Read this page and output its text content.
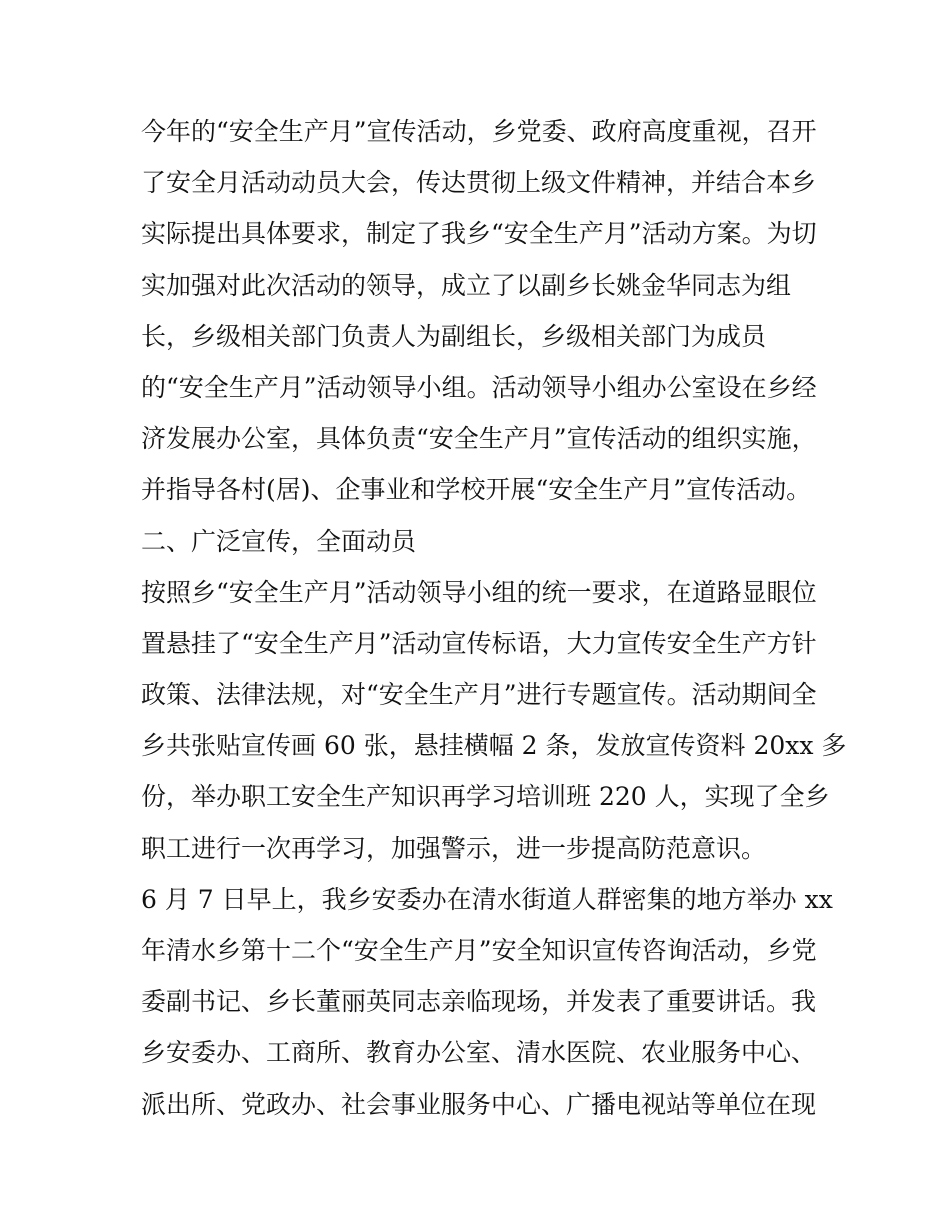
今年的“安全生产月”宣传活动，乡党委、政府高度重视，召开
了安全月活动动员大会，传达贯彻上级文件精神，并结合本乡
实际提出具体要求，制定了我乡“安全生产月”活动方案。为切
实加强对此次活动的领导，成立了以副乡长姚金华同志为组
长，乡级相关部门负责人为副组长，乡级相关部门为成员
的“安全生产月”活动领导小组。活动领导小组办公室设在乡经
济发展办公室，具体负责“安全生产月”宣传活动的组织实施，
并指导各村(居)、企事业和学校开展“安全生产月”宣传活动。
二、广泛宣传，全面动员
按照乡“安全生产月”活动领导小组的统一要求，在道路显眼位
置悬挂了“安全生产月”活动宣传标语，大力宣传安全生产方针
政策、法律法规，对“安全生产月”进行专题宣传。活动期间全
乡共张贴宣传画 60 张，悬挂横幅 2 条，发放宣传资料 20xx 多
份，举办职工安全生产知识再学习培训班 220 人，实现了全乡
职工进行一次再学习，加强警示，进一步提高防范意识。
6 月 7 日早上，我乡安委办在清水街道人群密集的地方举办 xx
年清水乡第十二个“安全生产月”安全知识宣传咨询活动，乡党
委副书记、乡长董丽英同志亲临现场，并发表了重要讲话。我
乡安委办、工商所、教育办公室、清水医院、农业服务中心、
派出所、党政办、社会事业服务中心、广播电视站等单位在现
